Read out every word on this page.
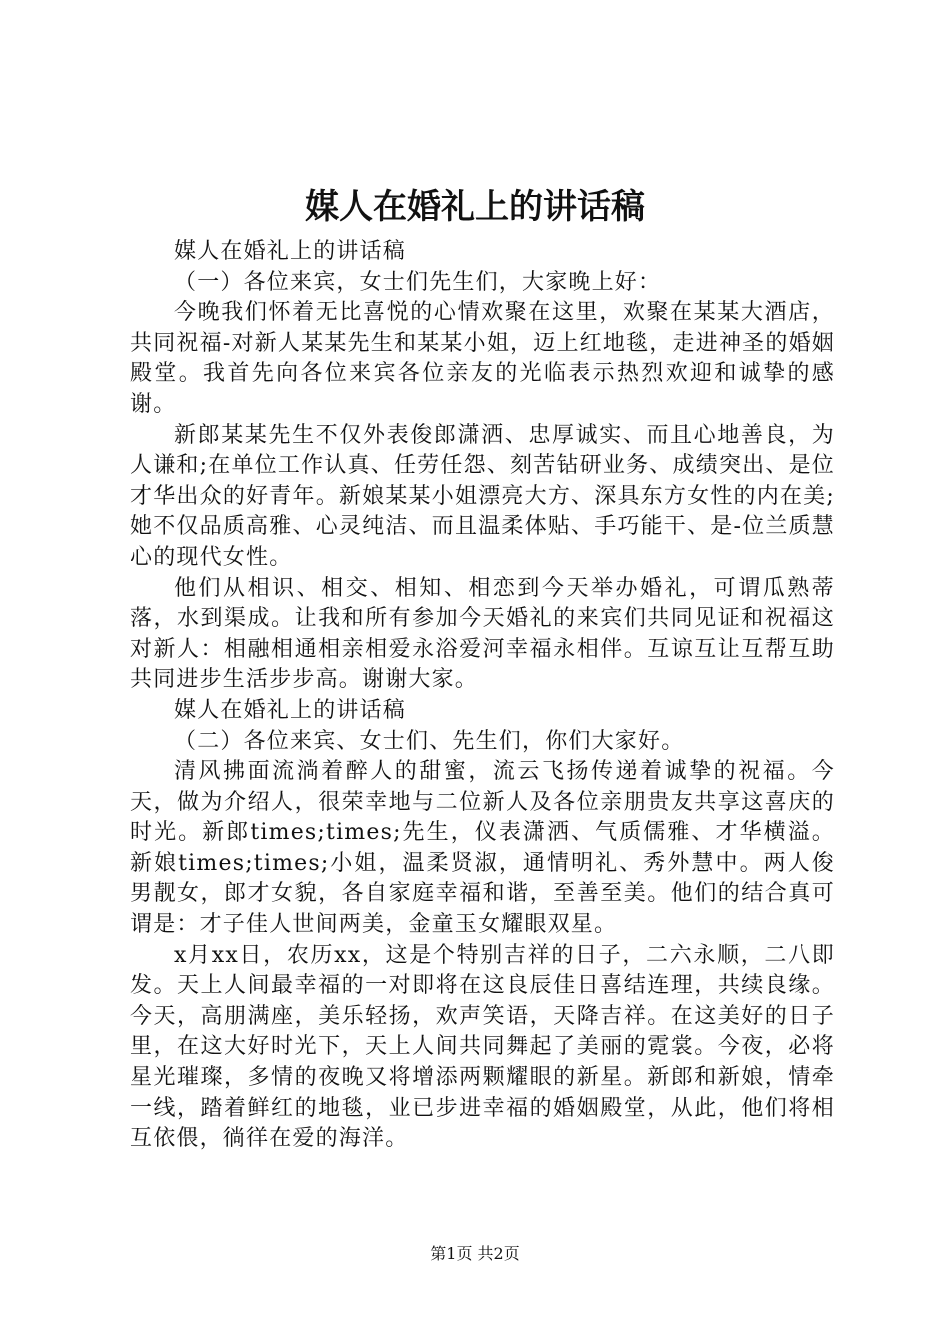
媒人在婚礼上的讲话稿

媒人在婚礼上的讲话稿

（一）各位来宾，女士们先生们，大家晚上好：

今晚我们怀着无比喜悦的心情欢聚在这里，欢聚在某某大酒店，共同祝福-对新人某某先生和某某小姐，迈上红地毯，走进神圣的婚姻殿堂。我首先向各位来宾各位亲友的光临表示热烈欢迎和诚挚的感谢。

新郎某某先生不仅外表俊郎潇洒、忠厚诚实、而且心地善良，为人谦和;在单位工作认真、任劳任怨、刻苦钻研业务、成绩突出、是位才华出众的好青年。新娘某某小姐漂亮大方、深具东方女性的内在美;她不仅品质高雅、心灵纯洁、而且温柔体贴、手巧能干、是-位兰质慧心的现代女性。

他们从相识、相交、相知、相恋到今天举办婚礼，可谓瓜熟蒂落，水到渠成。让我和所有参加今天婚礼的来宾们共同见证和祝福这对新人：相融相通相亲相爱永浴爱河幸福永相伴。互谅互让互帮互助共同进步生活步步高。谢谢大家。

媒人在婚礼上的讲话稿

（二）各位来宾、女士们、先生们，你们大家好。

清风拂面流淌着醉人的甜蜜，流云飞扬传递着诚挚的祝福。今天，做为介绍人，很荣幸地与二位新人及各位亲朋贵友共享这喜庆的时光。新郎times;times;先生，仪表潇洒、气质儒雅、才华横溢。新娘times;times;小姐，温柔贤淑，通情明礼、秀外慧中。两人俊男靓女，郎才女貌，各自家庭幸福和谐，至善至美。他们的结合真可谓是：才子佳人世间两美，金童玉女耀眼双星。

x月xx日，农历xx，这是个特别吉祥的日子，二六永顺，二八即发。天上人间最幸福的一对即将在这良辰佳日喜结连理，共续良缘。今天，高朋满座，美乐轻扬，欢声笑语，天降吉祥。在这美好的日子里，在这大好时光下，天上人间共同舞起了美丽的霓裳。今夜，必将星光璀璨，多情的夜晚又将增添两颗耀眼的新星。新郎和新娘，情牵一线，踏着鲜红的地毯，业已步进幸福的婚姻殿堂，从此，他们将相互依偎，徜徉在爱的海洋。

第1页 共2页
